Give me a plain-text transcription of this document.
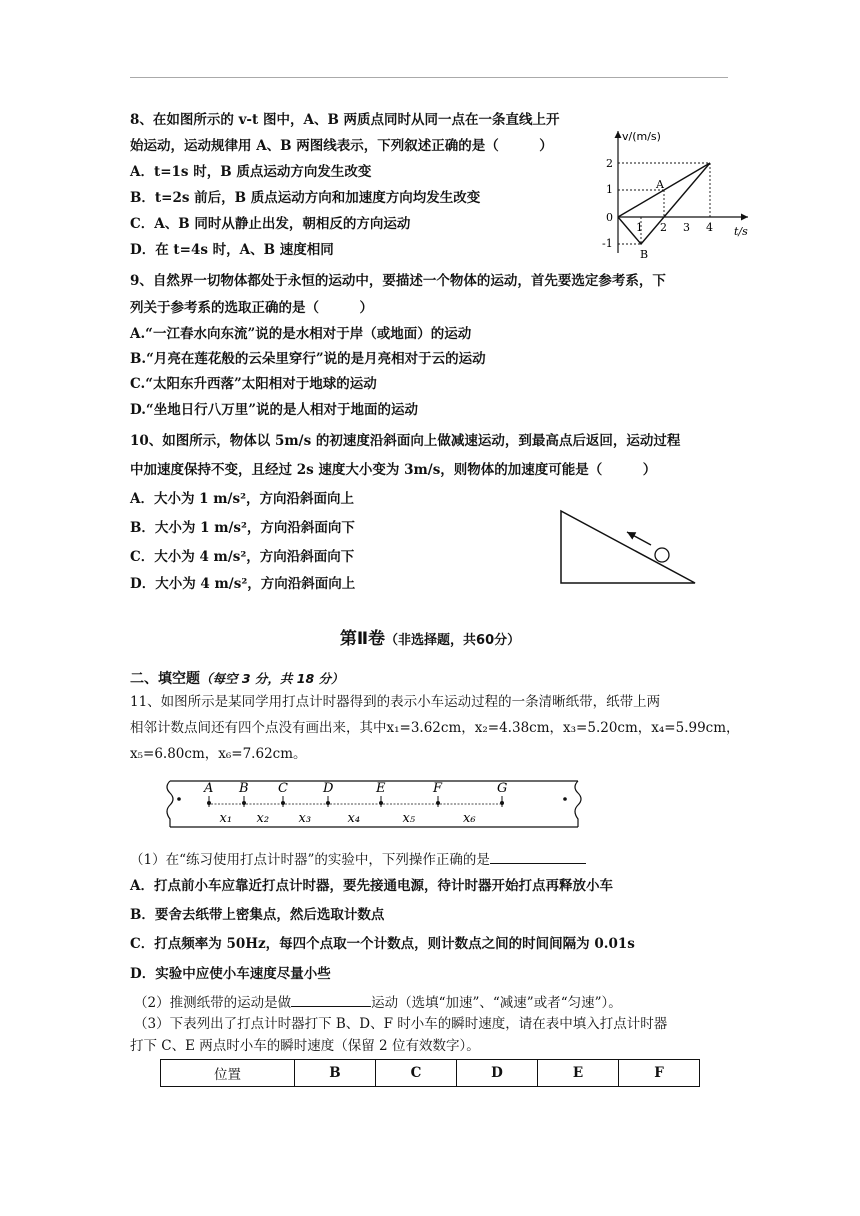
8、在如图所示的 v-t 图中，A、B 两质点同时从同一点在一条直线上开
始运动，运动规律用 A、B 两图线表示，下列叙述正确的是（　　　）
A．t=1s 时，B 质点运动方向发生改变
B．t=2s 前后，B 质点运动方向和加速度方向均发生改变
C．A、B 同时从静止出发，朝相反的方向运动
D．在 t=4s 时，A、B 速度相同
v/(m/s)
t/s
2
1
0
-1
1 2 3 4
A
B
9、自然界一切物体都处于永恒的运动中，要描述一个物体的运动，首先要选定参考系，下
列关于参考系的选取正确的是（　　　）
A.“一江春水向东流”说的是水相对于岸（或地面）的运动
B.“月亮在莲花般的云朵里穿行”说的是月亮相对于云的运动
C.“太阳东升西落”太阳相对于地球的运动
D.“坐地日行八万里”说的是人相对于地面的运动
10、如图所示，物体以 5m/s 的初速度沿斜面向上做减速运动，到最高点后返回，运动过程
中加速度保持不变，且经过 2s 速度大小变为 3m/s，则物体的加速度可能是（　　　）
A．大小为 1 m/s²，方向沿斜面向上
B．大小为 1 m/s²，方向沿斜面向下
C．大小为 4 m/s²，方向沿斜面向下
D．大小为 4 m/s²，方向沿斜面向上
第Ⅱ卷（非选择题，共60分）
二、填空题（每空 3 分，共 18 分）
11、如图所示是某同学用打点计时器得到的表示小车运动过程的一条清晰纸带，纸带上两
相邻计数点间还有四个点没有画出来，其中x₁=3.62cm，x₂=4.38cm，x₃=5.20cm，x₄=5.99cm，
x₅=6.80cm，x₆=7.62cm。
A B C	D	E	F	G
x₁ x₂ x₃	x₄	x₅	x₆
（1）在“练习使用打点计时器”的实验中，下列操作正确的是
A．打点前小车应靠近打点计时器，要先接通电源，待计时器开始打点再释放小车
B．要舍去纸带上密集点，然后选取计数点
C．打点频率为 50Hz，每四个点取一个计数点，则计数点之间的时间间隔为 0.01s
D．实验中应使小车速度尽量小些
（2）推测纸带的运动是做	运动（选填“加速”、“减速”或者“匀速”）。
（3）下表列出了打点计时器打下 B、D、F 时小车的瞬时速度，请在表中填入打点计时器
打下 C、E 两点时小车的瞬时速度（保留 2 位有效数字）。
位置	B	C	D	E	F
